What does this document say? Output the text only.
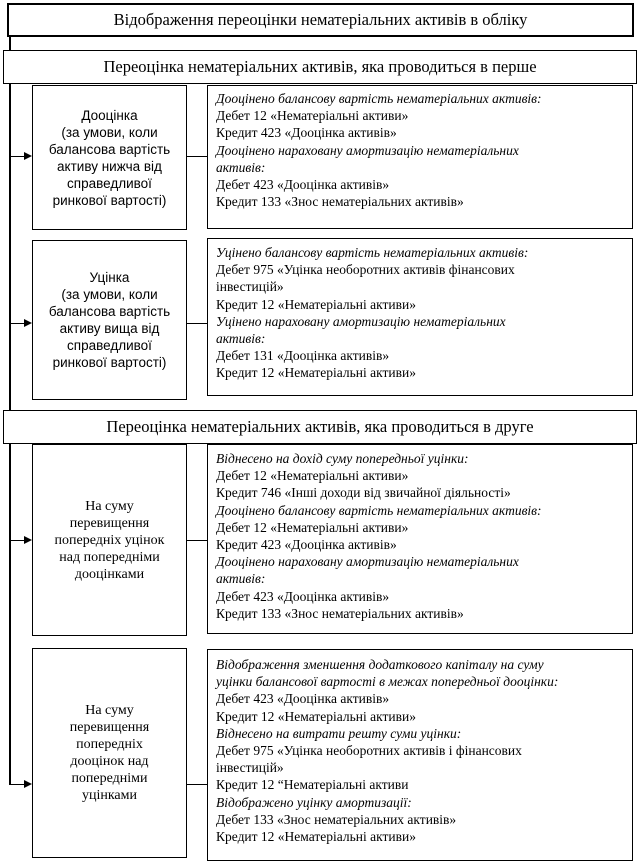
Відображення переоцінки нематеріальних активів в обліку
Переоцінка нематеріальних активів, яка проводиться в перше
Дооцінка
(за умови, коли
балансова вартість
активу нижча від
справедливої
ринкової вартості)
Дооцінено балансову вартість нематеріальних активів:
Дебет 12 «Нематеріальні активи»
Кредит 423 «Дооцінка активів»
Дооцінено нараховану амортизацію нематеріальних
активів:
Дебет 423 «Дооцінка активів»
Кредит 133 «Знос нематеріальних активів»
Уцінка
(за умови, коли
балансова вартість
активу вища від
справедливої
ринкової вартості)
Уцінено балансову вартість нематеріальних активів:
Дебет 975 «Уцінка необоротних активів фінансових
інвестицій»
Кредит 12 «Нематеріальні активи»
Уцінено нараховану амортизацію нематеріальних
активів:
Дебет 131 «Дооцінка активів»
Кредит 12 «Нематеріальні активи»
Переоцінка нематеріальних активів, яка проводиться в друге
На суму
перевищення
попередніх уцінок
над попередніми
дооцінками
Віднесено на дохід суму попередньої уцінки:
Дебет 12 «Нематеріальні активи»
Кредит 746 «Інші доходи від звичайної діяльності»
Дооцінено балансову вартість нематеріальних активів:
Дебет 12 «Нематеріальні активи»
Кредит 423 «Дооцінка активів»
Дооцінено нараховану амортизацію нематеріальних
активів:
Дебет 423 «Дооцінка активів»
Кредит 133 «Знос нематеріальних активів»
На суму
перевищення
попередніх
дооцінок над
попередніми
уцінками
Відображення зменшення додаткового капіталу на суму
уцінки балансової вартості в межах попередньої дооцінки:
Дебет 423 «Дооцінка активів»
Кредит 12 «Нематеріальні активи»
Віднесено на витрати решту суми уцінки:
Дебет 975 «Уцінка необоротних активів і фінансових
інвестицій»
Кредит 12 “Нематеріальні активи
Відображено уцінку амортизації:
Дебет 133 «Знос нематеріальних активів»
Кредит 12 «Нематеріальні активи»
